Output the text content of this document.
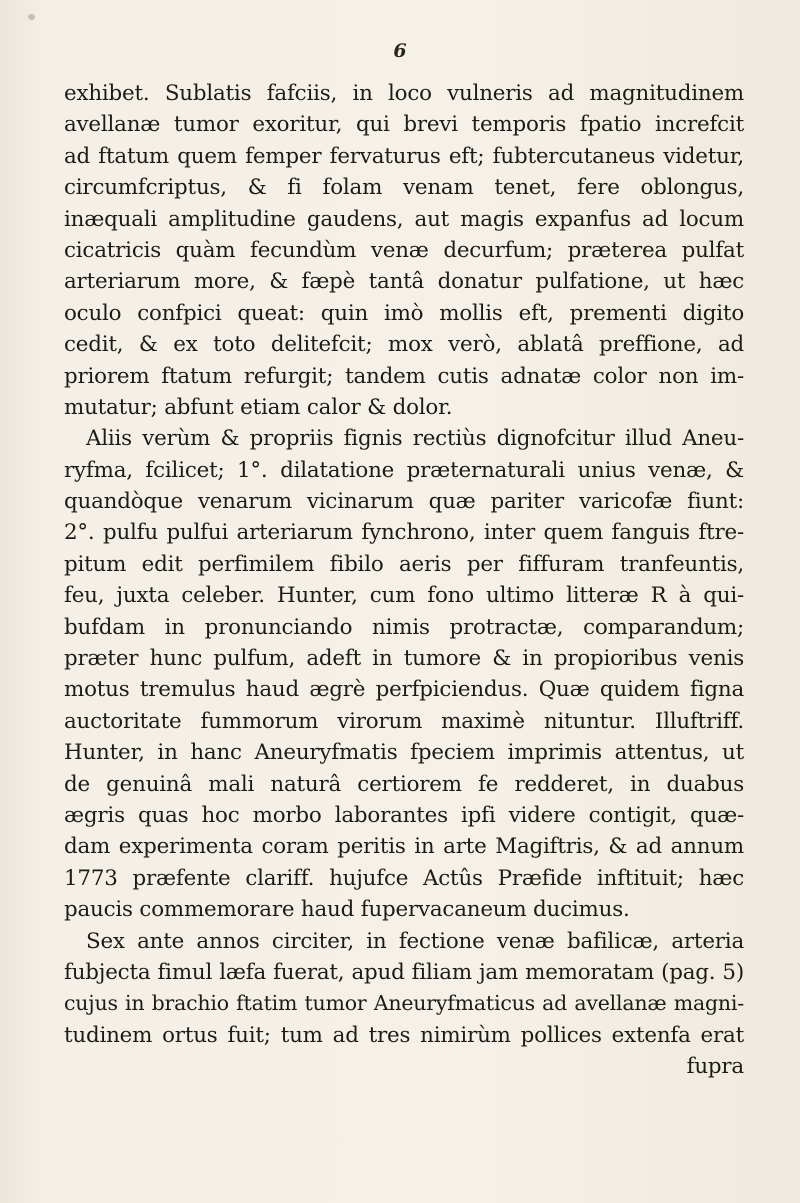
6
exhibet. Sublatis fafciis, in loco vulneris ad magnitudinem
avellanæ tumor exoritur, qui brevi temporis fpatio increfcit
ad ftatum quem femper fervaturus eft; fubtercutaneus videtur,
circumfcriptus, & fi folam venam tenet, fere oblongus,
inæquali amplitudine gaudens, aut magis expanfus ad locum
cicatricis quàm fecundùm venæ decurfum; præterea pulfat
arteriarum more, & fæpè tantâ donatur pulfatione, ut hæc
oculo confpici queat: quin imò mollis eft, prementi digito
cedit, & ex toto delitefcit; mox verò, ablatâ preffione, ad
priorem ftatum refurgit; tandem cutis adnatæ color non im-
mutatur; abfunt etiam calor & dolor.
Aliis verùm & propriis fignis rectiùs dignofcitur illud Aneu-
ryfma, fcilicet; 1°. dilatatione præternaturali unius venæ, &
quandòque venarum vicinarum quæ pariter varicofæ fiunt:
2°. pulfu pulfui arteriarum fynchrono, inter quem fanguis ftre-
pitum edit perfimilem fibilo aeris per fiffuram tranfeuntis,
feu, juxta celeber. Hunter, cum fono ultimo litteræ R à qui-
bufdam in pronunciando nimis protractæ, comparandum;
præter hunc pulfum, adeft in tumore & in propioribus venis
motus tremulus haud ægrè perfpiciendus. Quæ quidem figna
auctoritate fummorum virorum maximè nituntur. Illuftriff.
Hunter, in hanc Aneuryfmatis fpeciem imprimis attentus, ut
de genuinâ mali naturâ certiorem fe redderet, in duabus
ægris quas hoc morbo laborantes ipfi videre contigit, quæ-
dam experimenta coram peritis in arte Magiftris, & ad annum
1773 præfente clariff. hujufce Actûs Præfide inftituit; hæc
paucis commemorare haud fupervacaneum ducimus.
Sex ante annos circiter, in fectione venæ bafilicæ, arteria
fubjecta fimul læfa fuerat, apud filiam jam memoratam (pag. 5)
cujus in brachio ftatim tumor Aneuryfmaticus ad avellanæ magni-
tudinem ortus fuit; tum ad tres nimirùm pollices extenfa erat
fupra
